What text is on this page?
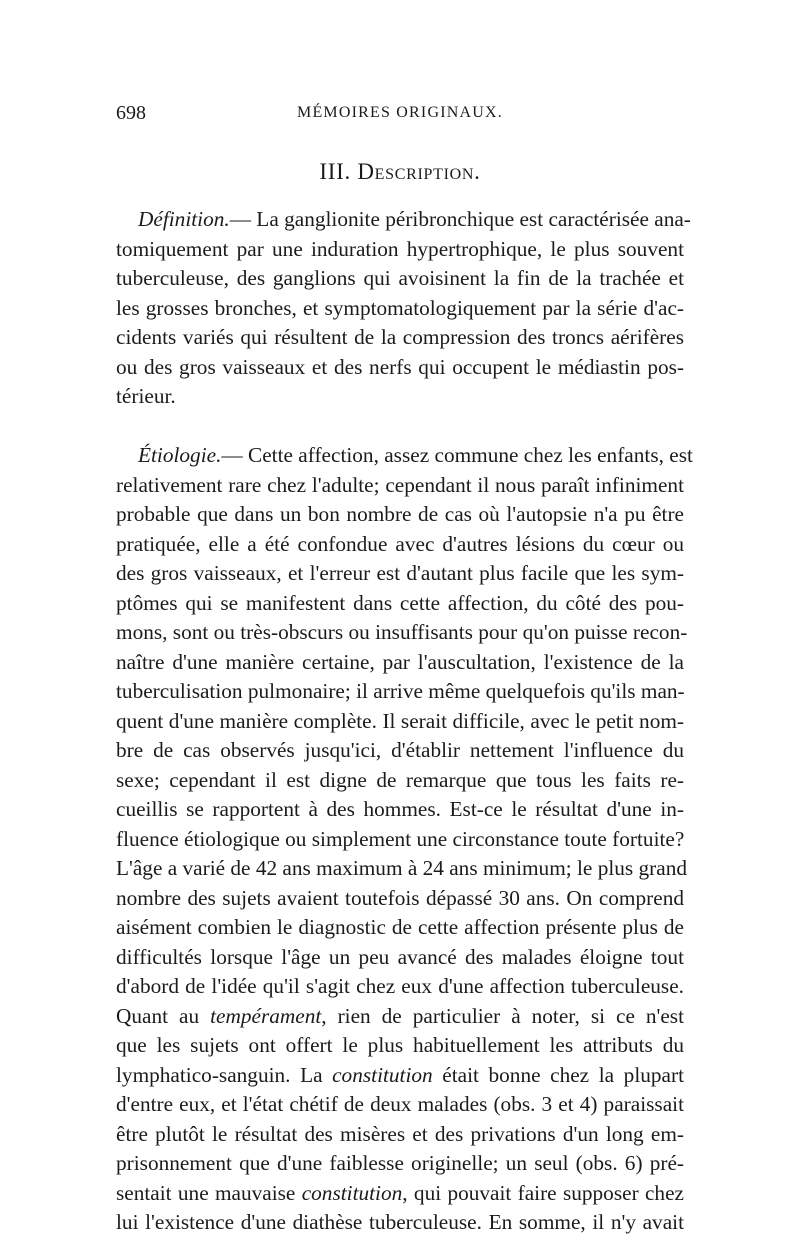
698	MÉMOIRES ORIGINAUX.
III. Description.

Définition.— La ganglionite péribronchique est caractérisée ana-
tomiquement par une induration hypertrophique, le plus souvent
tuberculeuse, des ganglions qui avoisinent la fin de la trachée et
les grosses bronches, et symptomatologiquement par la série d'ac-
cidents variés qui résultent de la compression des troncs aérifères
ou des gros vaisseaux et des nerfs qui occupent le médiastin pos-
térieur.

Étiologie.— Cette affection, assez commune chez les enfants, est
relativement rare chez l'adulte; cependant il nous paraît infiniment
probable que dans un bon nombre de cas où l'autopsie n'a pu être
pratiquée, elle a été confondue avec d'autres lésions du cœur ou
des gros vaisseaux, et l'erreur est d'autant plus facile que les sym-
ptômes qui se manifestent dans cette affection, du côté des pou-
mons, sont ou très-obscurs ou insuffisants pour qu'on puisse recon-
naître d'une manière certaine, par l'auscultation, l'existence de la
tuberculisation pulmonaire; il arrive même quelquefois qu'ils man-
quent d'une manière complète. Il serait difficile, avec le petit nom-
bre de cas observés jusqu'ici, d'établir nettement l'influence du
sexe; cependant il est digne de remarque que tous les faits re-
cueillis se rapportent à des hommes. Est-ce le résultat d'une in-
fluence étiologique ou simplement une circonstance toute fortuite?
L'âge a varié de 42 ans maximum à 24 ans minimum; le plus grand
nombre des sujets avaient toutefois dépassé 30 ans. On comprend
aisément combien le diagnostic de cette affection présente plus de
difficultés lorsque l'âge un peu avancé des malades éloigne tout
d'abord de l'idée qu'il s'agit chez eux d'une affection tuberculeuse.
Quant au tempérament, rien de particulier à noter, si ce n'est
que les sujets ont offert le plus habituellement les attributs du
lymphatico-sanguin. La constitution était bonne chez la plupart
d'entre eux, et l'état chétif de deux malades (obs. 3 et 4) paraissait
être plutôt le résultat des misères et des privations d'un long em-
prisonnement que d'une faiblesse originelle; un seul (obs. 6) pré-
sentait une mauvaise constitution, qui pouvait faire supposer chez
lui l'existence d'une diathèse tuberculeuse. En somme, il n'y avait
